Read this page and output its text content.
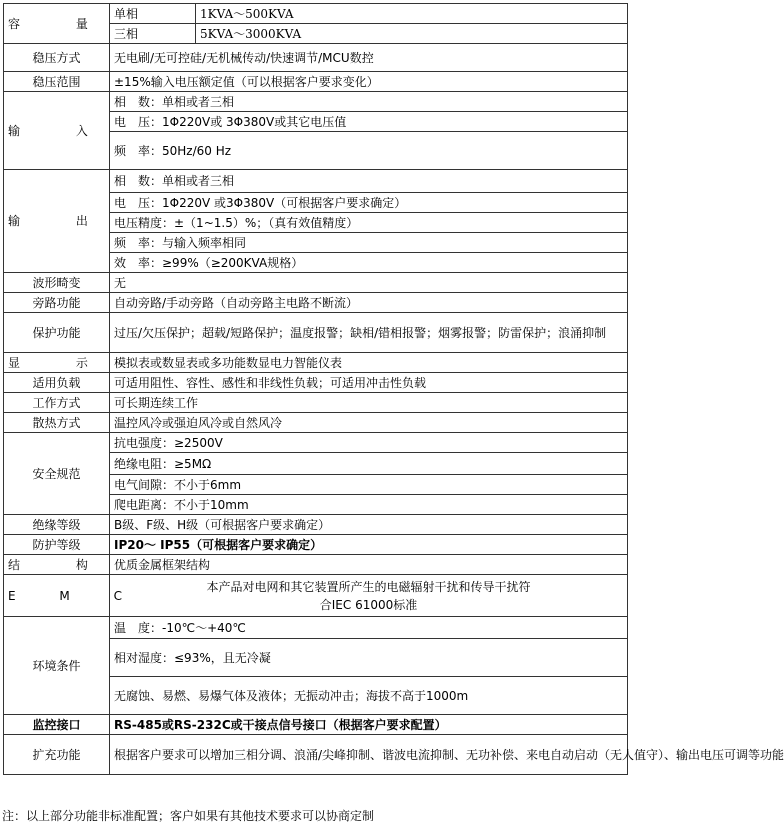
容 量	单相	1KVA～500KVA
	三相	5KVA～3000KVA
稳压方式	无电刷/无可控硅/无机械传动/快速调节/MCU数控	
稳压范围	±15%输入电压额定值（可以根据客户要求变化）	
输 入	相　数：单相或者三相	
	电　压：1Φ220V或 3Φ380V或其它电压值	
	频　率：50Hz/60 Hz	
输 出	相　数：单相或者三相	
	电　压：1Φ220V 或3Φ380V（可根据客户要求确定）	
	电压精度：±（1~1.5）%；（真有效值精度）	
	频　率：与输入频率相同	
	效　率：≥99%（≥200KVA规格）	
波形畸变	无	
旁路功能	自动旁路/手动旁路（自动旁路主电路不断流）	
保护功能	过压/欠压保护；超载/短路保护；温度报警；缺相/错相报警；烟雾报警；防雷保护；浪涌抑制	
显 示	模拟表或数显表或多功能数显电力智能仪表	
适用负载	可适用阻性、容性、感性和非线性负载；可适用冲击性负载	
工作方式	可长期连续工作	
散热方式	温控风冷或强迫风冷或自然风冷	
安全规范	抗电强度：≥2500V	
	绝缘电阻：≥5MΩ	
	电气间隙：不小于6mm	
	爬电距离：不小于10mm	
绝缘等级	B级、F级、H级（可根据客户要求确定）	
防护等级	IP20～ IP55（可根据客户要求确定）	
结 构	优质金属框架结构	
E M C	本产品对电网和其它装置所产生的电磁辐射干扰和传导干扰符
合IEC 61000标准	

环境条件	温　度：-10℃～+40℃	
	相对湿度：≤93%，且无冷凝	
	无腐蚀、易燃、易爆气体及液体；无振动冲击；海拔不高于1000m	
监控接口	RS-485或RS-232C或干接点信号接口（根据客户要求配置）	
扩充功能	根据客户要求可以增加三相分调、浪涌/尖峰抑制、谐波电流抑制、无功补偿、来电自动启动（无人值守）、输出电压可调等功能	
注：以上部分功能非标准配置；客户如果有其他技术要求可以协商定制
